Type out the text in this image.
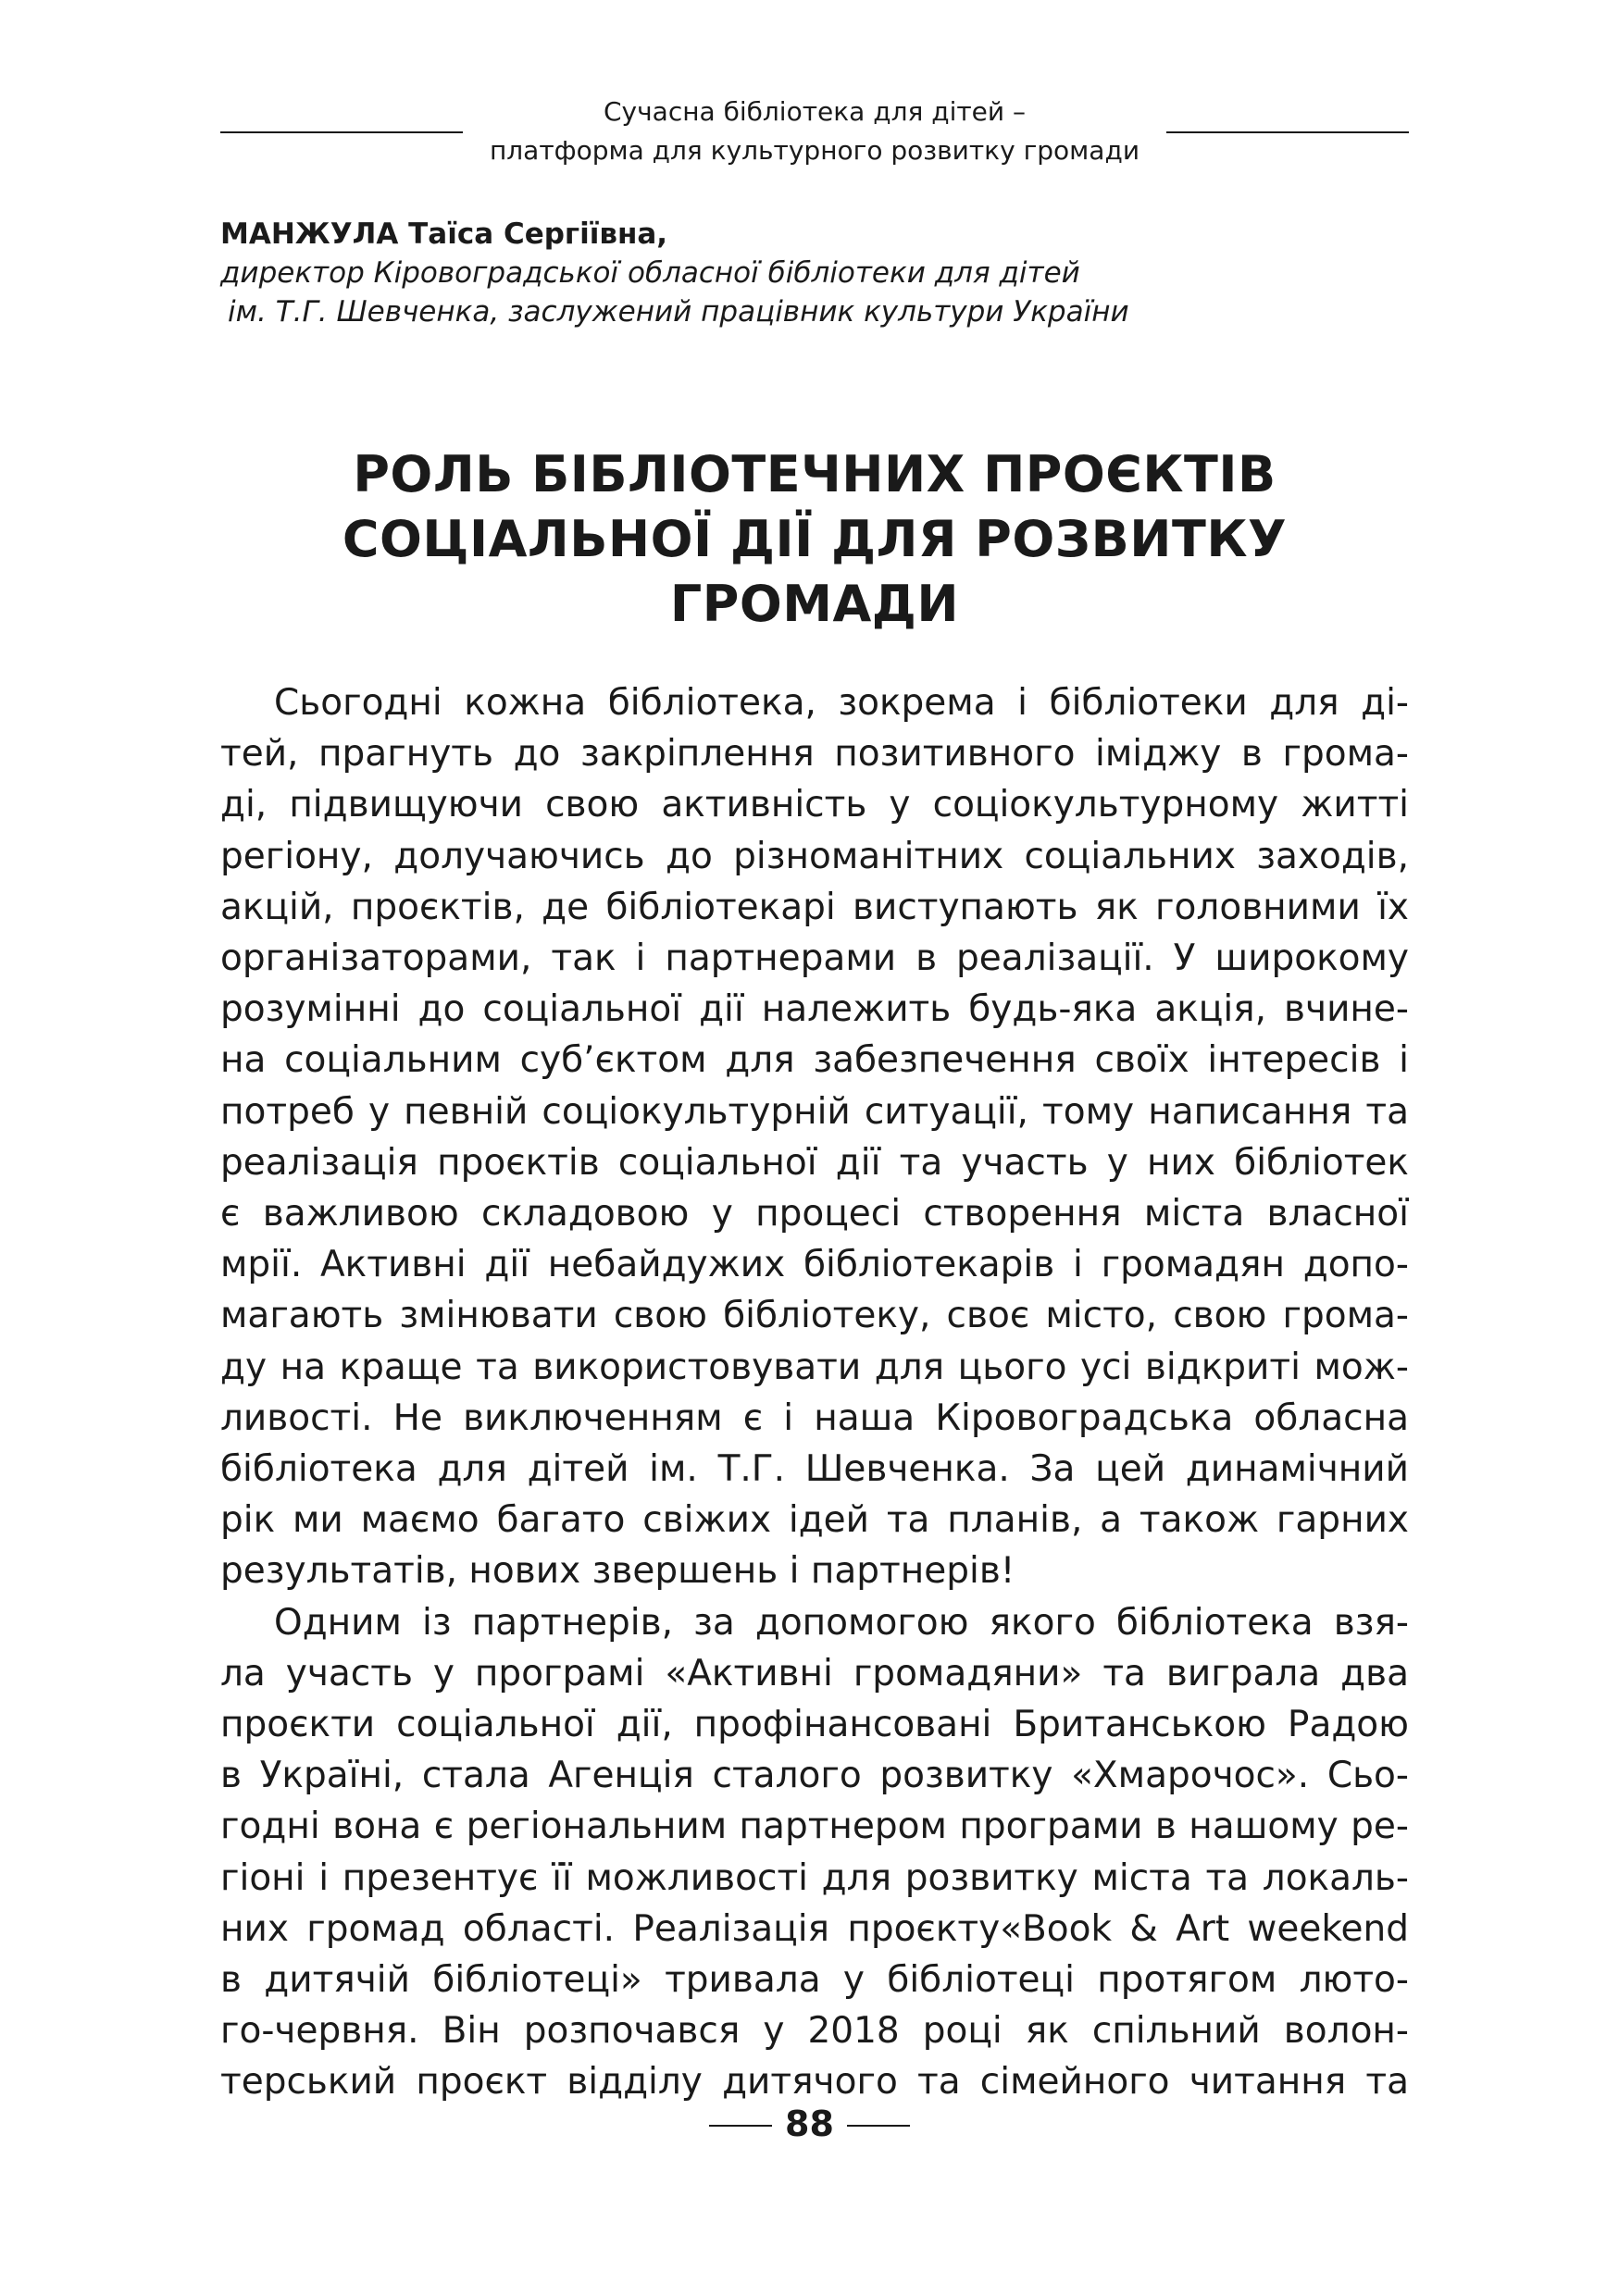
Сучасна бібліотека для дітей –
платформа для культурного розвитку громади
МАНЖУЛА Таїса Сергіївна,
директор Кіровоградської обласної бібліотеки для дітей
ім. Т.Г. Шевченка, заслужений працівник культури України
РОЛЬ БІБЛІОТЕЧНИХ ПРОЄКТІВ
СОЦІАЛЬНОЇ ДІЇ ДЛЯ РОЗВИТКУ
ГРОМАДИ
Сьогодні кожна бібліотека, зокрема і бібліотеки для ді-
тей, прагнуть до закріплення позитивного іміджу в грома-
ді, підвищуючи свою активність у соціокультурному житті
регіону, долучаючись до різноманітних соціальних заходів,
акцій, проєктів, де бібліотекарі виступають як головними їх
організаторами, так і партнерами в реалізації. У широкому
розумінні до соціальної дії належить будь-яка акція, вчине-
на соціальним суб’єктом для забезпечення своїх інтересів і
потреб у певній соціокультурній ситуації, тому написання та
реалізація проєктів соціальної дії та участь у них бібліотек
є важливою складовою у процесі створення міста власної
мрії. Активні дії небайдужих бібліотекарів і громадян допо-
магають змінювати свою бібліотеку, своє місто, свою грома-
ду на краще та використовувати для цього усі відкриті мож-
ливості. Не виключенням є і наша Кіровоградська обласна
бібліотека для дітей ім. Т.Г. Шевченка. За цей динамічний
рік ми маємо багато свіжих ідей та планів, а також гарних
результатів, нових звершень і партнерів!
Одним із партнерів, за допомогою якого бібліотека взя-
ла участь у програмі «Активні громадяни» та виграла два
проєкти соціальної дії, профінансовані Британською Радою
в Україні, стала Агенція сталого розвитку «Хмарочос». Сьо-
годні вона є регіональним партнером програми в нашому ре-
гіоні і презентує її можливості для розвитку міста та локаль-
них громад області. Реалізація проєкту«Book & Art weekend
в дитячій бібліотеці» тривала у бібліотеці протягом люто-
го-червня. Він розпочався у 2018 році як спільний волон-
терський проєкт відділу дитячого та сімейного читання та
88
